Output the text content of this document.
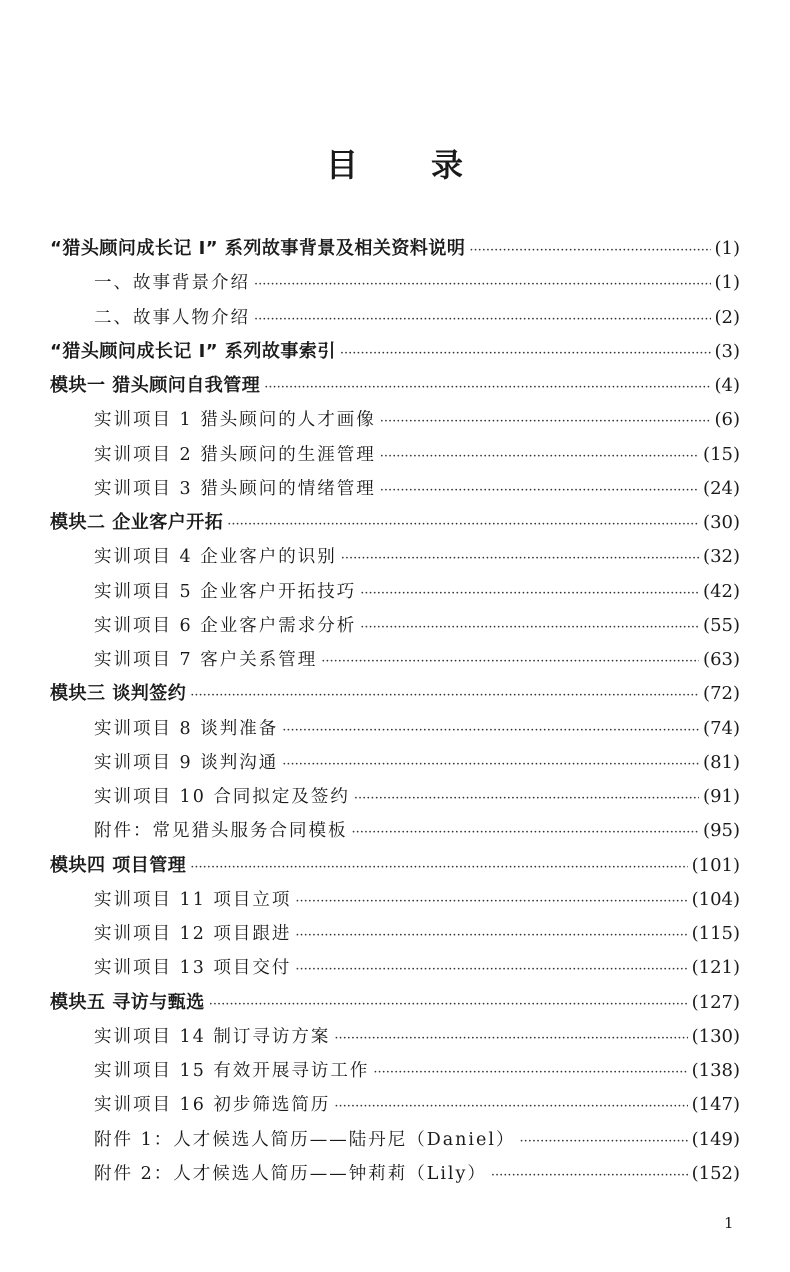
目 录
“猎头顾问成长记 I” 系列故事背景及相关资料说明 ·····	(1)
一、故事背景介绍 ·····	(1)
二、故事人物介绍 ·····	(2)
“猎头顾问成长记 I” 系列故事索引 ·····	(3)
模块一 猎头顾问自我管理 ·····	(4)
实训项目 1 猎头顾问的人才画像 ·····	(6)
实训项目 2 猎头顾问的生涯管理 ·····	(15)
实训项目 3 猎头顾问的情绪管理 ·····	(24)
模块二 企业客户开拓 ·····	(30)
实训项目 4 企业客户的识别 ·····	(32)
实训项目 5 企业客户开拓技巧 ·····	(42)
实训项目 6 企业客户需求分析 ·····	(55)
实训项目 7 客户关系管理 ·····	(63)
模块三 谈判签约 ·····	(72)
实训项目 8 谈判准备 ·····	(74)
实训项目 9 谈判沟通 ·····	(81)
实训项目 10 合同拟定及签约 ·····	(91)
附件：常见猎头服务合同模板 ·····	(95)
模块四 项目管理 ·····	(101)
实训项目 11 项目立项 ·····	(104)
实训项目 12 项目跟进 ·····	(115)
实训项目 13 项目交付 ·····	(121)
模块五 寻访与甄选 ·····	(127)
实训项目 14 制订寻访方案 ·····	(130)
实训项目 15 有效开展寻访工作 ·····	(138)
实训项目 16 初步筛选简历 ·····	(147)
附件 1：人才候选人简历——陆丹尼（Daniel） ·····	(149)
附件 2：人才候选人简历——钟莉莉（Lily） ·····	(152)
1
